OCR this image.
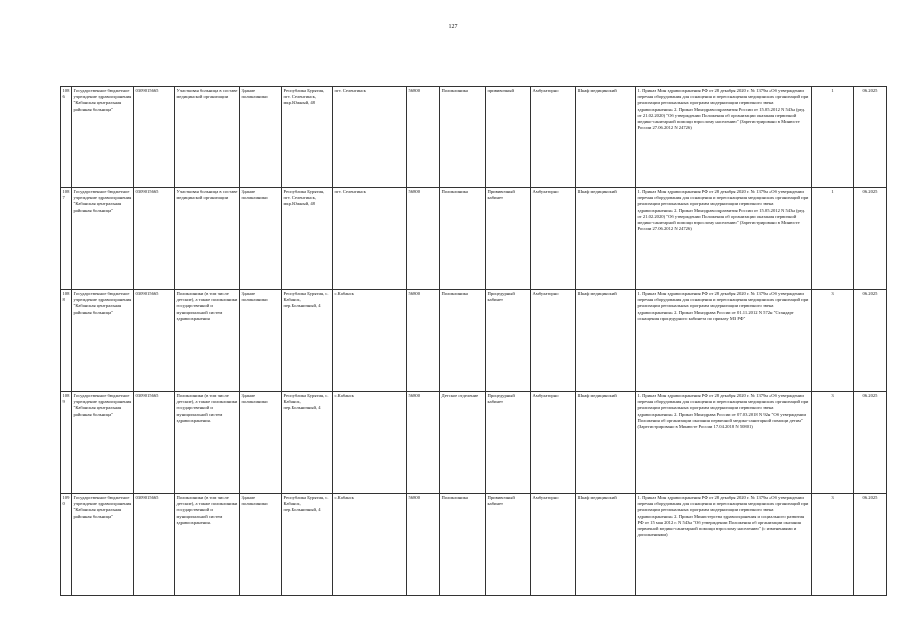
127
1086	Государственное бюджетное учреждение здравоохранения "Кабанская центральная районная больница"	0309015665	Участковая больница в составе медицинской организации	Здание поликлиники	Республика Бурятия, пгт. Селенгинск, мкр.Южный, 48	пгт. Селенгинск	56800	Поликлиника	прививочный	Амбулаторно	Шкаф медицинский	1. Приказ Мин здравоохранения РФ от 28 декабря 2020 г. № 1379н «Об утверждении перечня оборудования для оснащения и переоснащения медицинских организаций при реализации региональных программ модернизации первичного звена здравоохранения» 2. Приказ Минздравсоцразвития России от 15.05.2012 N 543н (ред. от 21.02.2020) "Об утверждении Положения об организации оказания первичной медико-санитарной помощи взрослому населению" (Зарегистрировано в Минюсте России 27.06.2012 N 24726)	1	06.2025
1087	Государственное бюджетное учреждение здравоохранения "Кабанская центральная районная больница"	0309015665	Участковая больница в составе медицинской организации	Здание поликлиники	Республика Бурятия, пгт. Селенгинск, мкр.Южный, 48	пгт. Селенгинск	56800	Поликлиника	Прививочный кабинет	Амбулаторно	Шкаф медицинский	1. Приказ Мин здравоохранения РФ от 28 декабря 2020 г. № 1379н «Об утверждении перечня оборудования для оснащения и переоснащения медицинских организаций при реализации региональных программ модернизации первичного звена здравоохранения» 2. Приказ Минздравсоцразвития России от 15.05.2012 N 543н (ред. от 21.02.2020) "Об утверждении Положения об организации оказания первичной медико-санитарной помощи взрослому населению" (Зарегистрировано в Минюсте России 27.06.2012 N 24726)	1	06.2025
1088	Государственное бюджетное учреждение здравоохранения "Кабанская центральная районная больница"	0309015665	Поликлиники (в том числе детские), а также поликлиники государственной и муниципальной систем здравоохранения	Здание поликлиники	Республика Бурятия, с. Кабанск, пер.Больничный, 4	с.Кабанск	56800	Поликлиника	Процедурный кабинет	Амбулаторно	Шкаф медицинский	1. Приказ Мин здравоохранения РФ от 28 декабря 2020 г. № 1379н «Об утверждении перечня оборудования для оснащения и переоснащения медицинских организаций при реализации региональных программ модернизации первичного звена здравоохранения» 2. Приказ Минздрава России от 01.11.2012 N 572н "Стандарт оснащения процедурного кабинета по приказу МЗ РФ"	3	06.2025
1089	Государственное бюджетное учреждение здравоохранения "Кабанская центральная районная больница"	0309015665	Поликлиники (в том числе детские), а также поликлиники государственной и муниципальной систем здравоохранения.	Здание поликлиники	Республика Бурятия, с. Кабанск, пер.Больничный, 4	с.Кабанск	56800	Детское отделение	Процедурный кабинет	Амбулаторно	Шкаф медицинский	1. Приказ Мин здравоохранения РФ от 28 декабря 2020 г. № 1379н «Об утверждении перечня оборудования для оснащения и переоснащения медицинских организаций при реализации региональных программ модернизации первичного звена здравоохранения» 2. Приказ Минздрава России от 07.03.2018 N 92н "Об утверждении Положения об организации оказания первичной медико-санитарной помощи детям" (Зарегистрировано в Минюсте России 17.04.2018 N 50801)	3	06.2025
1090	Государственное бюджетное учреждение здравоохранения "Кабанская центральная районная больница"	0309015665	Поликлиники (в том числе детские), а также поликлиники государственной и муниципальной систем здравоохранения.	Здание поликлиники	Республика Бурятия, с. Кабанск, пер.Больничный, 4	с.Кабанск	56800	Поликлиника	Прививочный кабинет	Амбулаторно	Шкаф медицинский	1. Приказ Мин здравоохранения РФ от 28 декабря 2020 г. № 1379н «Об утверждении перечня оборудования для оснащения и переоснащения медицинских организаций при реализации региональных программ модернизации первичного звена здравоохранения» 2. Приказ Министерства здравоохранения и социального развития РФ от 15 мая 2012 г. N 543н "Об утверждении Положения об организации оказания первичной медико-санитарной помощи взрослому населению" (с изменениями и дополнениями)	3	06.2025
